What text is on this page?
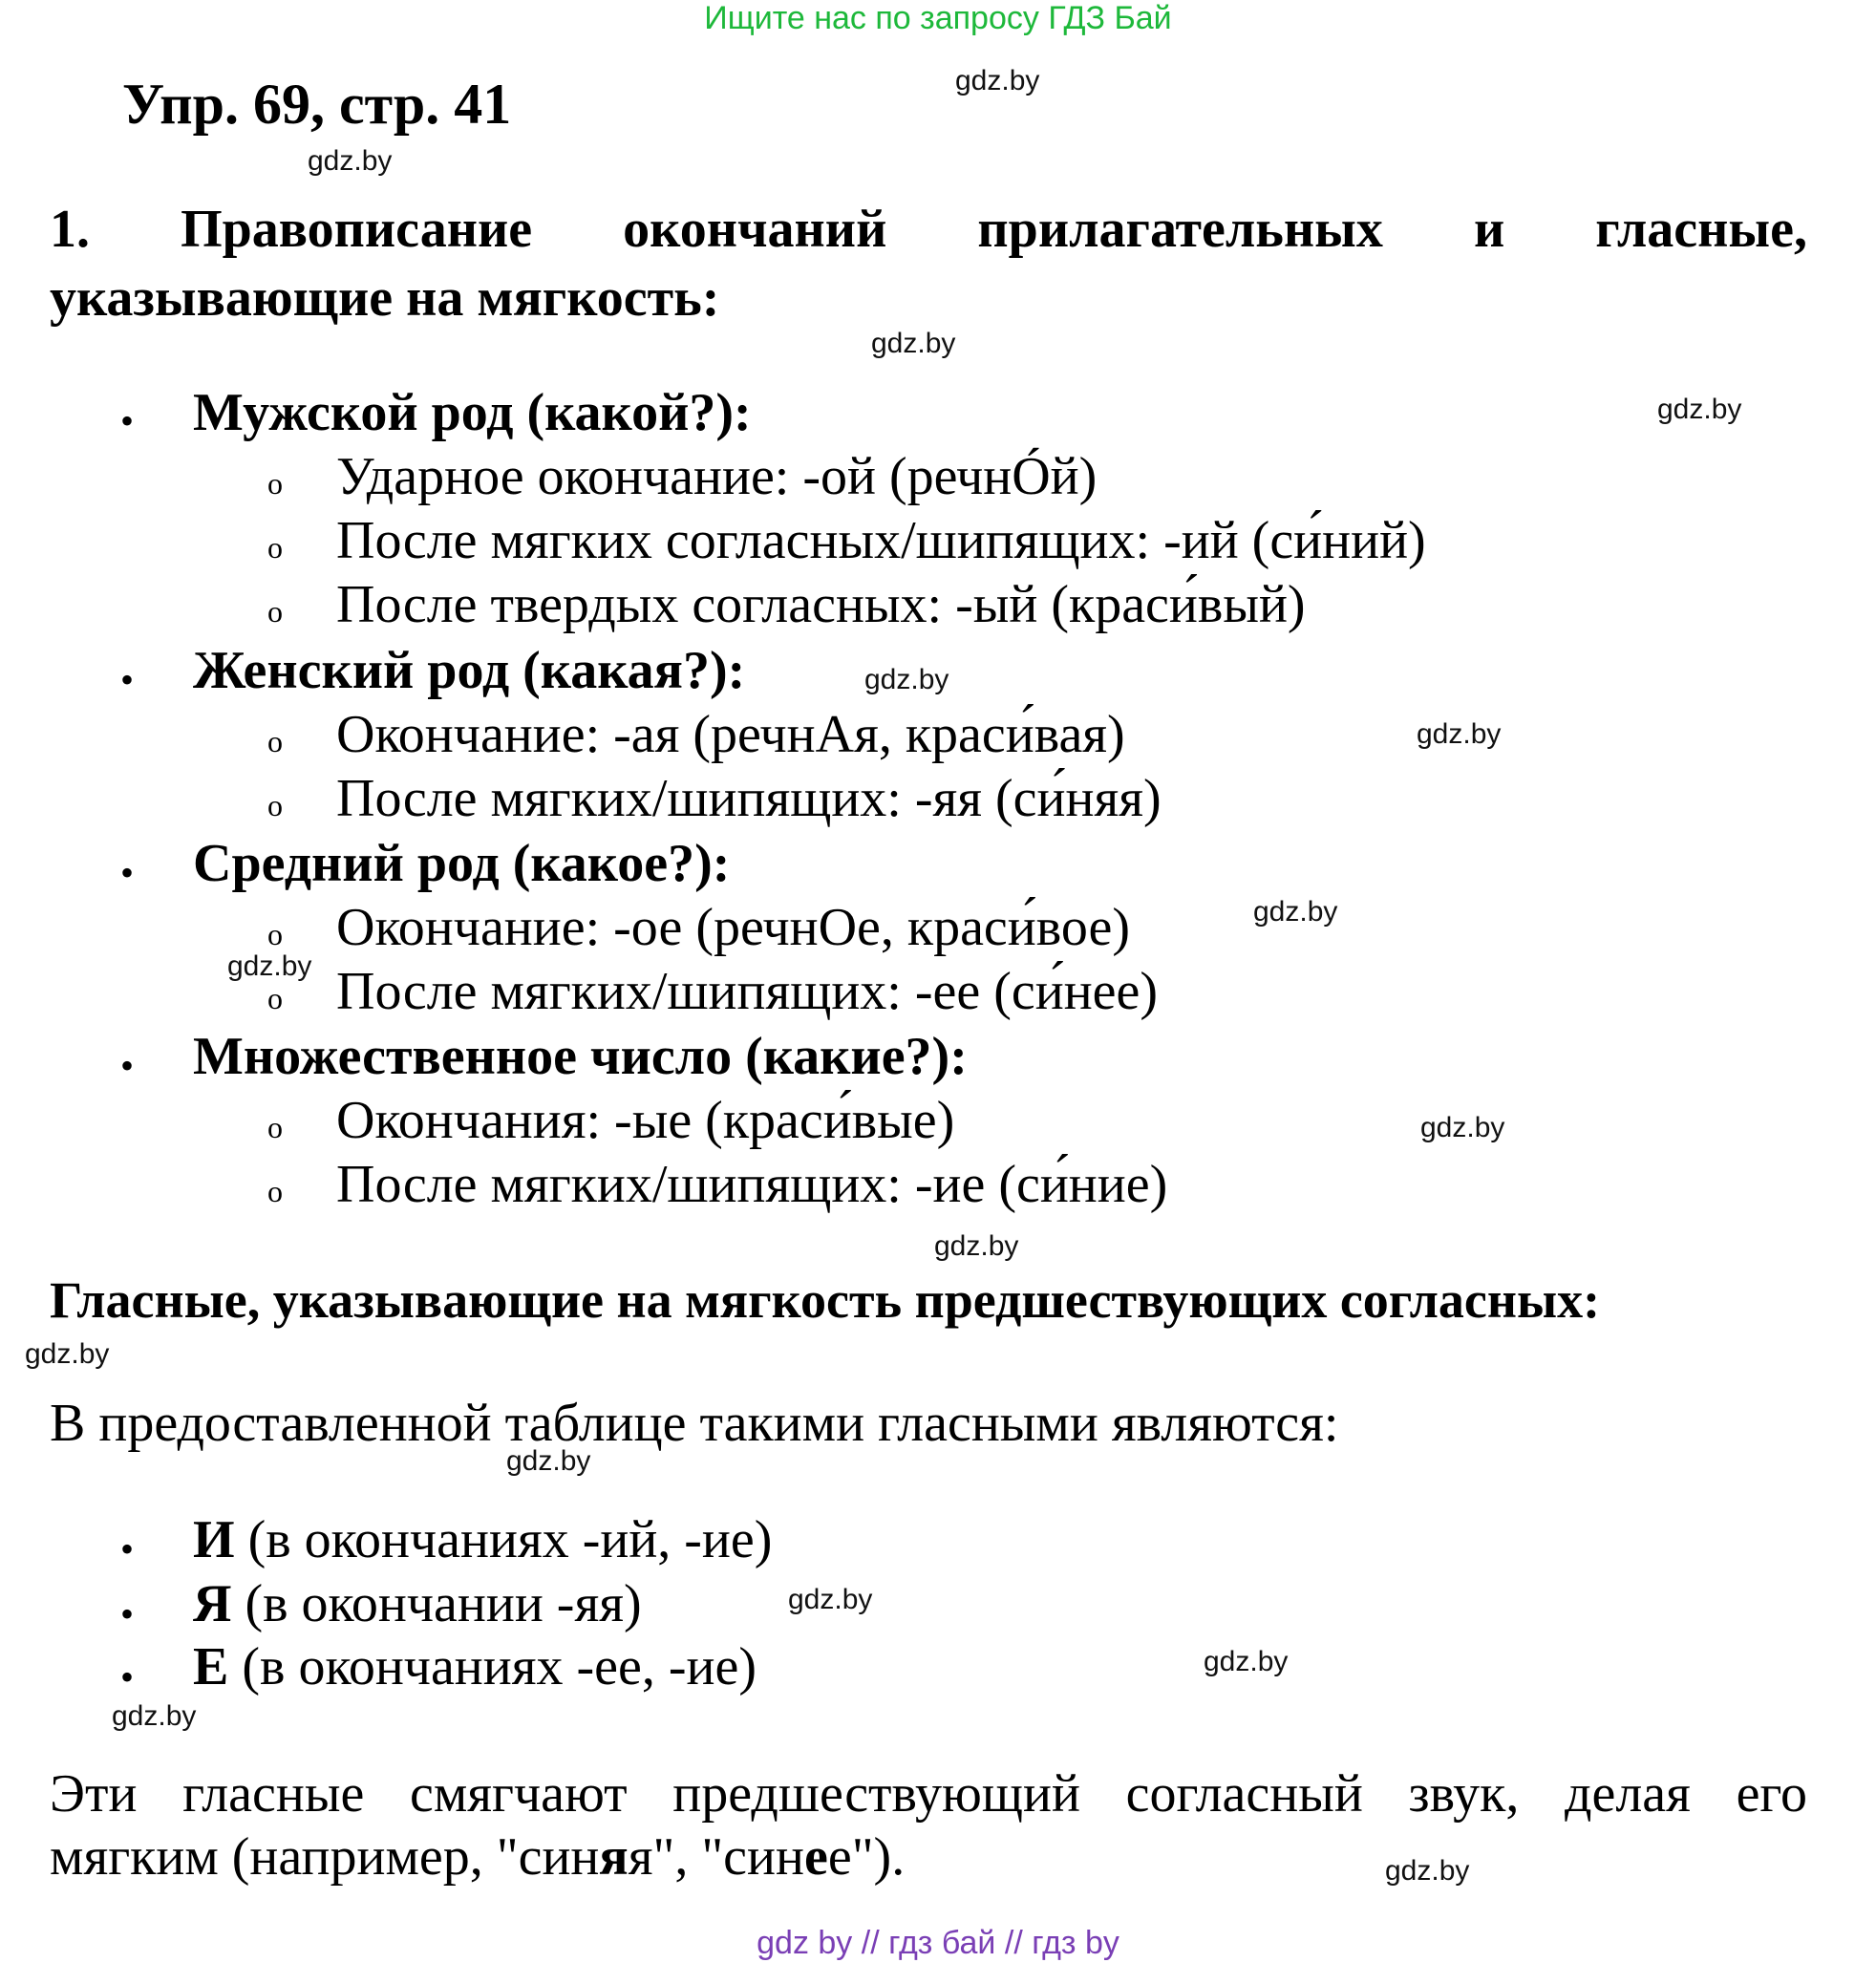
Ищите нас по запросу ГДЗ Бай
gdz.by
Упр. 69, стр. 41
gdz.by
1. Правописание окончаний прилагательных и гласные,
указывающие на мягкость:
gdz.by
• Мужской род (какой?):	gdz.by
o Ударное окончание: -ой (речнÓй)
o После мягких согласных/шипящих: -ий (си́ний)
o После твердых согласных: -ый (краси́вый)
• Женский род (какая?):	gdz.by
o Окончание: -ая (речнАя, краси́вая)	gdz.by
o После мягких/шипящих: -яя (си́няя)
• Средний род (какое?):
o Окончание: -ое (речнОе, краси́вое)	gdz.by
gdz.by
o После мягких/шипящих: -ее (си́нее)
• Множественное число (какие?):
o Окончания: -ые (краси́вые)	gdz.by
o После мягких/шипящих: -ие (си́ние)
gdz.by
Гласные, указывающие на мягкость предшествующих согласных:
gdz.by
В предоставленной таблице такими гласными являются:
gdz.by
• И (в окончаниях -ий, -ие)
• Я (в окончании -яя)	gdz.by
• Е (в окончаниях -ее, -ие)	gdz.by
gdz.by
Эти гласные смягчают предшествующий согласный звук, делая его
мягким (например, "синяя", "синее").	gdz.by
gdz by // гдз бай // гдз by
